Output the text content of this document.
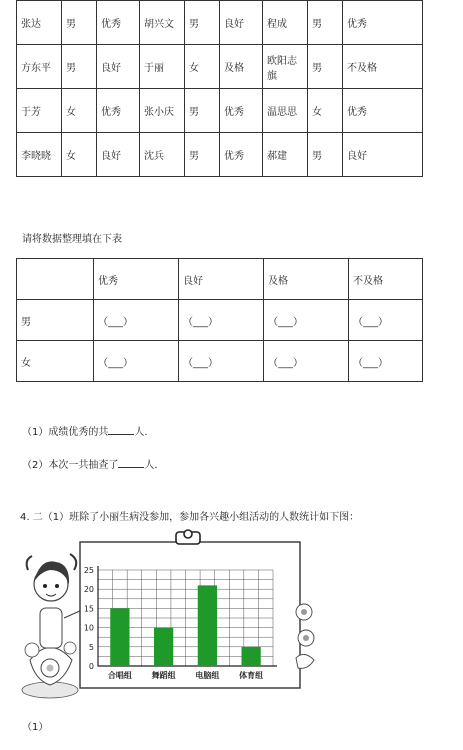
张达	男	优秀	胡兴文	男	良好	程成	男	优秀
方东平	男	良好	于丽	女	及格	欧阳志旗	男	不及格
于芳	女	优秀	张小庆	男	优秀	温思思	女	优秀
李晓晓	女	良好	沈兵	男	优秀	郝建	男	良好
请将数据整理填在下表
	优秀	良好	及格	不及格
男	（___）	（___）	（___）	（___）
女	（___）	（___）	（___）	（___）
（1）成绩优秀的共	人.
（2）本次一共抽查了	人.
4. 二（1）班除了小丽生病没参加，参加各兴趣小组活动的人数统计如下图：
0
5
10
15
20
25
合唱组 舞蹈组 电脑组 体育组
（1）
